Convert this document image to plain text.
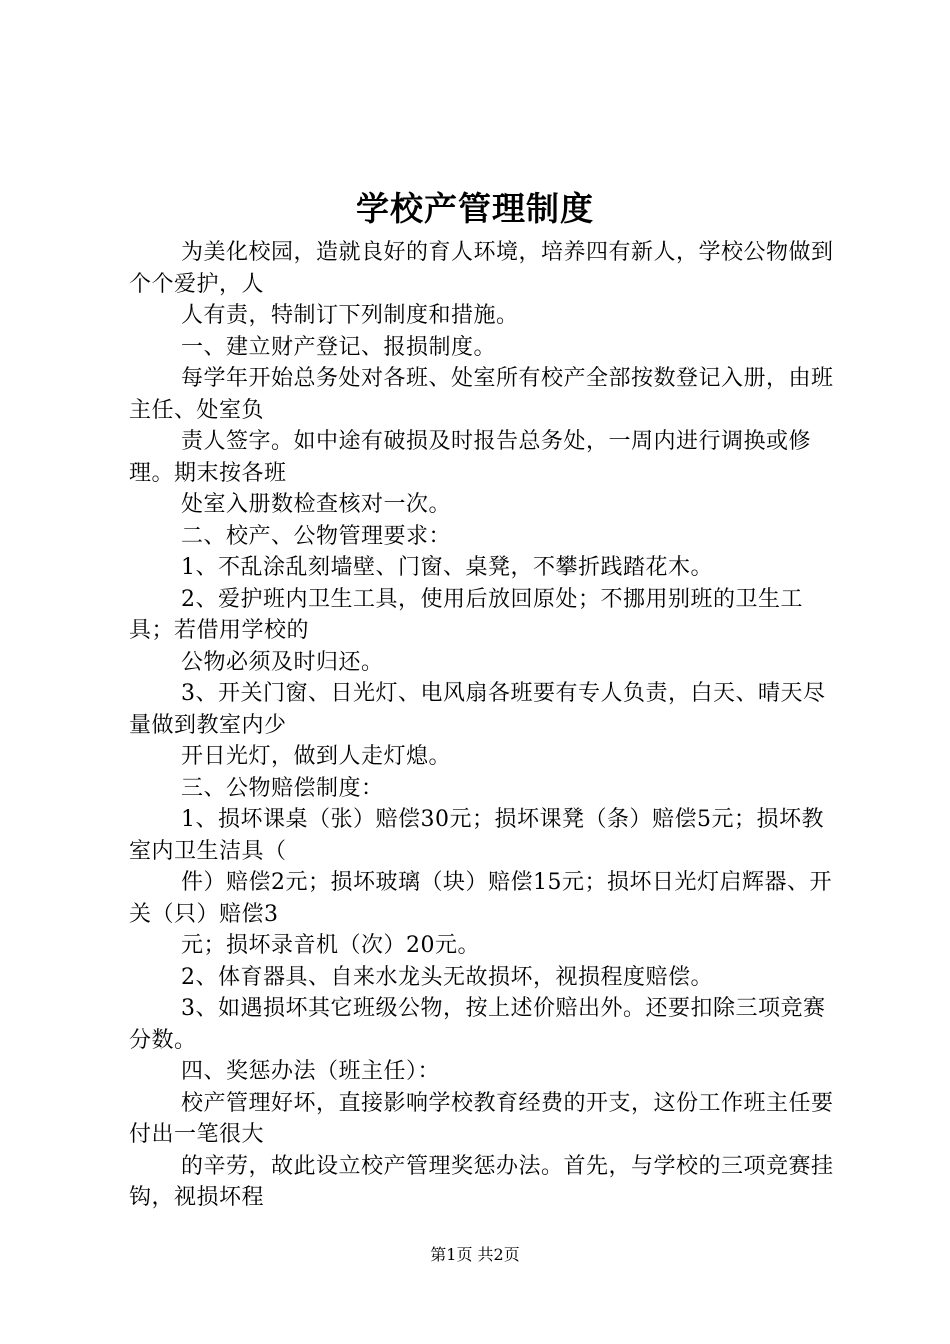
学校产管理制度

为美化校园，造就良好的育人环境，培养四有新人，学校公物做到个个爱护，人

人有责，特制订下列制度和措施。

一、建立财产登记、报损制度。

每学年开始总务处对各班、处室所有校产全部按数登记入册，由班主任、处室负

责人签字。如中途有破损及时报告总务处，一周内进行调换或修理。期末按各班

处室入册数检查核对一次。

二、校产、公物管理要求：

1、不乱涂乱刻墙壁、门窗、桌凳，不攀折践踏花木。

2、爱护班内卫生工具，使用后放回原处；不挪用别班的卫生工具；若借用学校的

公物必须及时归还。

3、开关门窗、日光灯、电风扇各班要有专人负责，白天、晴天尽量做到教室内少

开日光灯，做到人走灯熄。

三、公物赔偿制度：

1、损坏课桌（张）赔偿30元；损坏课凳（条）赔偿5元；损坏教室内卫生洁具（

件）赔偿2元；损坏玻璃（块）赔偿15元；损坏日光灯启辉器、开关（只）赔偿3

元；损坏录音机（次）20元。

2、体育器具、自来水龙头无故损坏，视损程度赔偿。

3、如遇损坏其它班级公物，按上述价赔出外。还要扣除三项竞赛分数。

四、奖惩办法（班主任）：

校产管理好坏，直接影响学校教育经费的开支，这份工作班主任要付出一笔很大

的辛劳，故此设立校产管理奖惩办法。首先，与学校的三项竞赛挂钩，视损坏程

第1页 共2页
